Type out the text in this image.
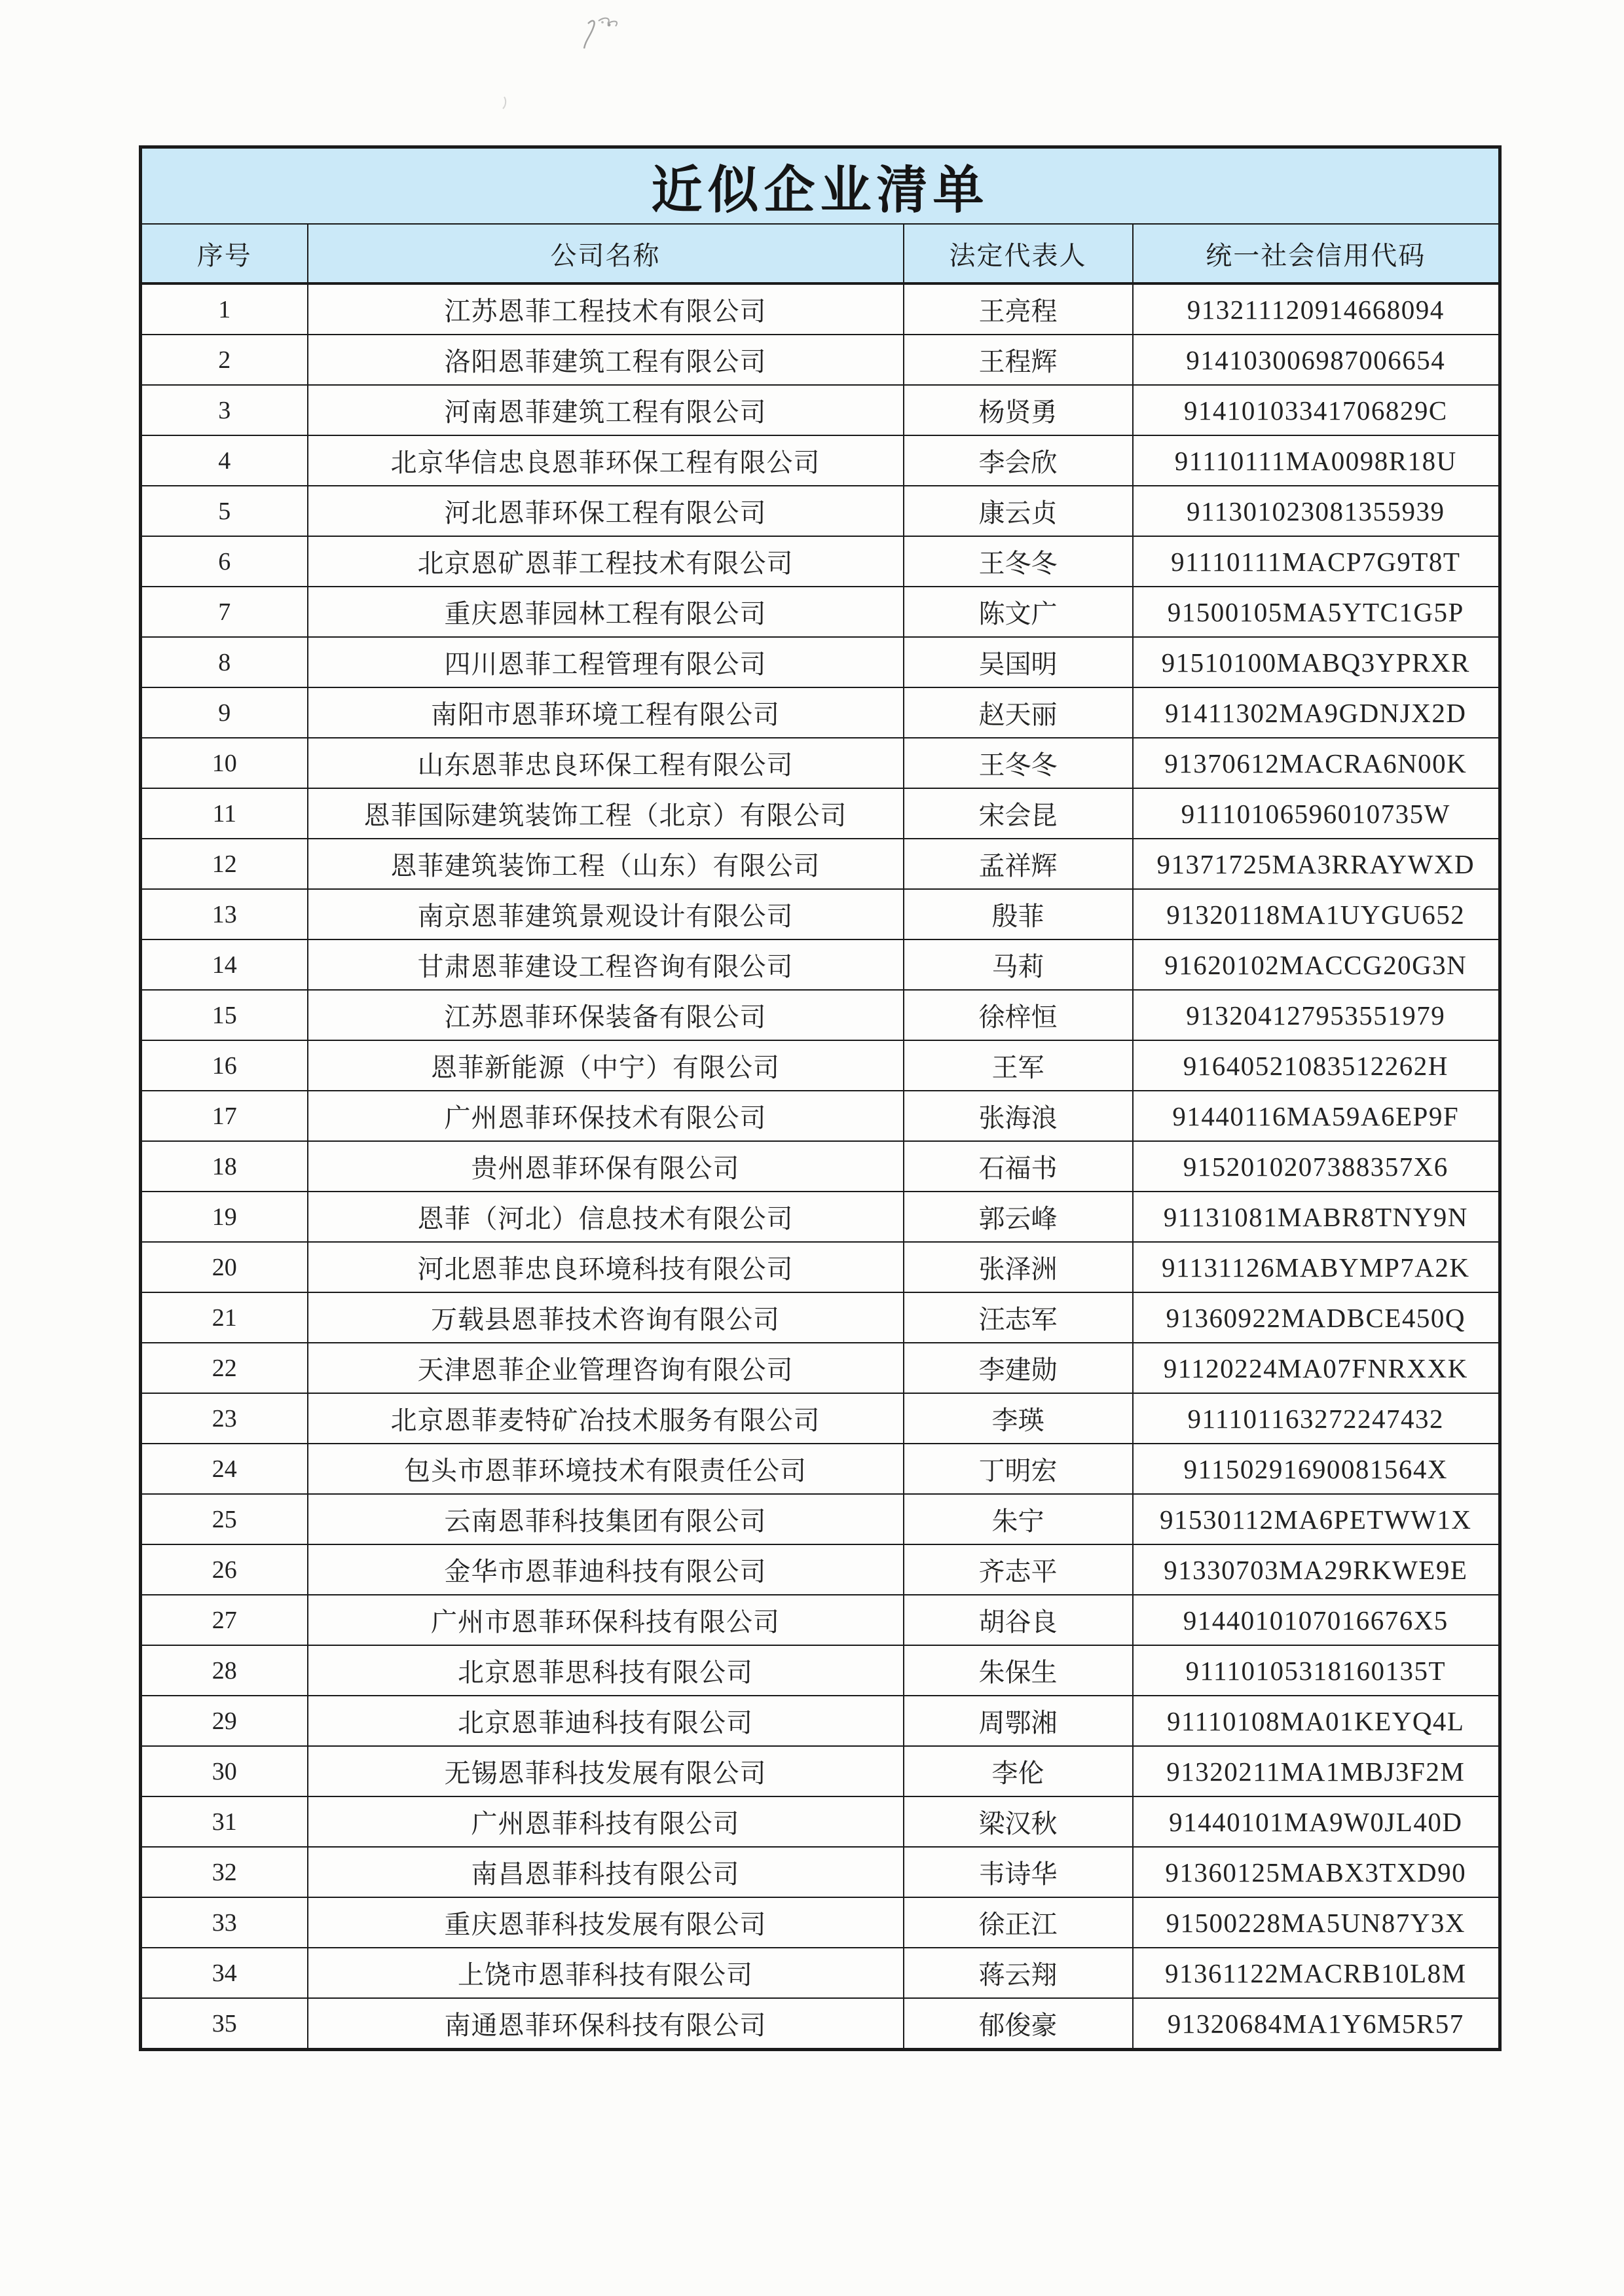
近似企业清单			
序号	公司名称	法定代表人	统一社会信用代码
1	江苏恩菲工程技术有限公司	王亮程	913211120914668094
2	洛阳恩菲建筑工程有限公司	王程辉	914103006987006654
3	河南恩菲建筑工程有限公司	杨贤勇	91410103341706829C
4	北京华信忠良恩菲环保工程有限公司	李会欣	91110111MA0098R18U
5	河北恩菲环保工程有限公司	康云贞	911301023081355939
6	北京恩矿恩菲工程技术有限公司	王冬冬	91110111MACP7G9T8T
7	重庆恩菲园林工程有限公司	陈文广	91500105MA5YTC1G5P
8	四川恩菲工程管理有限公司	吴国明	91510100MABQ3YPRXR
9	南阳市恩菲环境工程有限公司	赵天丽	91411302MA9GDNJX2D
10	山东恩菲忠良环保工程有限公司	王冬冬	91370612MACRA6N00K
11	恩菲国际建筑装饰工程（北京）有限公司	宋会昆	91110106596010735W
12	恩菲建筑装饰工程（山东）有限公司	孟祥辉	91371725MA3RRAYWXD
13	南京恩菲建筑景观设计有限公司	殷菲	91320118MA1UYGU652
14	甘肃恩菲建设工程咨询有限公司	马莉	91620102MACCG20G3N
15	江苏恩菲环保装备有限公司	徐梓恒	913204127953551979
16	恩菲新能源（中宁）有限公司	王军	91640521083512262H
17	广州恩菲环保技术有限公司	张海浪	91440116MA59A6EP9F
18	贵州恩菲环保有限公司	石福书	9152010207388357X6
19	恩菲（河北）信息技术有限公司	郭云峰	91131081MABR8TNY9N
20	河北恩菲忠良环境科技有限公司	张泽洲	91131126MABYMP7A2K
21	万载县恩菲技术咨询有限公司	汪志军	91360922MADBCE450Q
22	天津恩菲企业管理咨询有限公司	李建勋	91120224MA07FNRXXK
23	北京恩菲麦特矿冶技术服务有限公司	李瑛	911101163272247432
24	包头市恩菲环境技术有限责任公司	丁明宏	91150291690081564X
25	云南恩菲科技集团有限公司	朱宁	91530112MA6PETWW1X
26	金华市恩菲迪科技有限公司	齐志平	91330703MA29RKWE9E
27	广州市恩菲环保科技有限公司	胡谷良	9144010107016676X5
28	北京恩菲思科技有限公司	朱保生	91110105318160135T
29	北京恩菲迪科技有限公司	周鄂湘	91110108MA01KEYQ4L
30	无锡恩菲科技发展有限公司	李伦	91320211MA1MBJ3F2M
31	广州恩菲科技有限公司	梁汉秋	91440101MA9W0JL40D
32	南昌恩菲科技有限公司	韦诗华	91360125MABX3TXD90
33	重庆恩菲科技发展有限公司	徐正江	91500228MA5UN87Y3X
34	上饶市恩菲科技有限公司	蒋云翔	91361122MACRB10L8M
35	南通恩菲环保科技有限公司	郁俊豪	91320684MA1Y6M5R57
